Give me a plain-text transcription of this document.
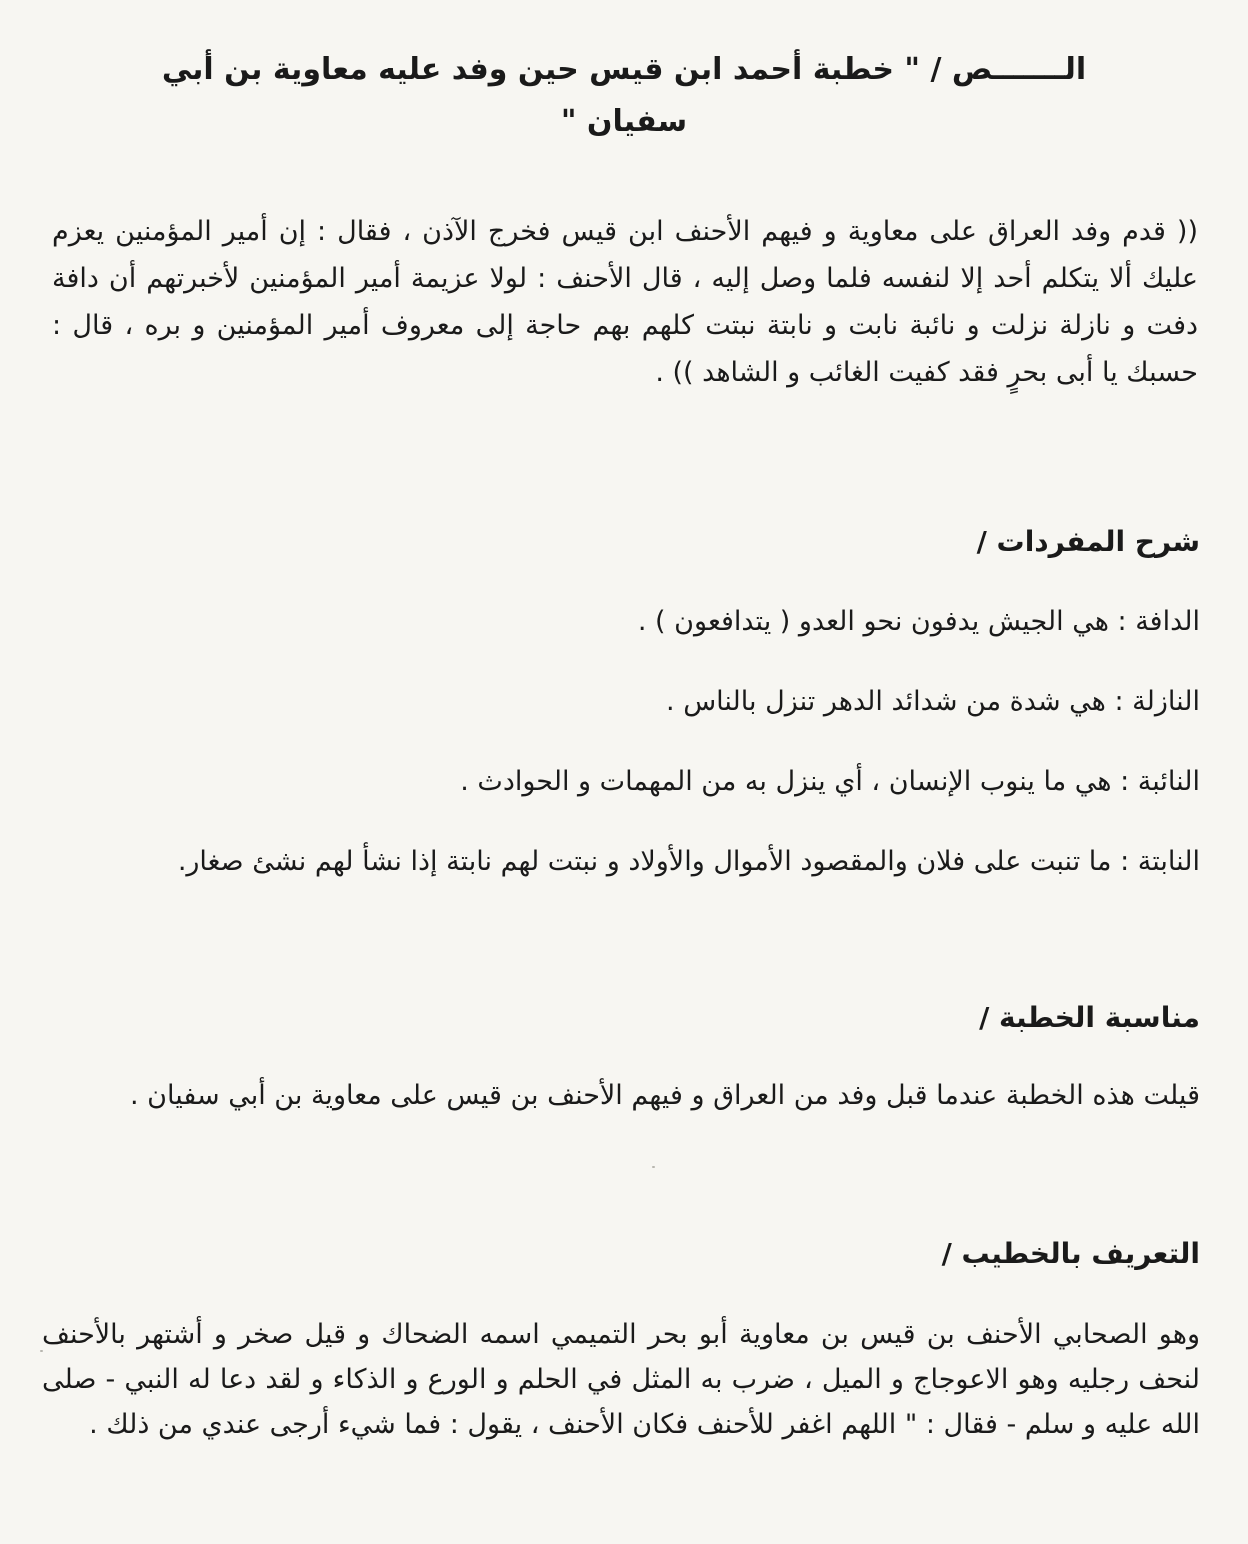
الـــــــص / " خطبة أحمد ابن قيس حين وفد عليه معاوية بن أبي سفيان "
(( قدم وفد العراق على معاوية و فيهم الأحنف ابن قيس فخرج الآذن ، فقال : إن أمير المؤمنين يعزم عليك ألا يتكلم أحد إلا لنفسه فلما وصل إليه ، قال الأحنف : لولا عزيمة أمير المؤمنين لأخبرتهم أن دافة دفت و نازلة نزلت و نائبة نابت و نابتة نبتت كلهم بهم حاجة إلى معروف أمير المؤمنين و بره ، قال : حسبك يا أبى بحرٍ فقد كفيت الغائب و الشاهد )) .
شرح المفردات /
الدافة : هي الجيش يدفون نحو العدو ( يتدافعون ) .
النازلة : هي شدة من شدائد الدهر تنزل بالناس .
النائبة : هي ما ينوب الإنسان ، أي ينزل به من المهمات و الحوادث .
النابتة : ما تنبت على فلان والمقصود الأموال والأولاد و نبتت لهم نابتة إذا نشأ لهم نشئ صغار.
مناسبة الخطبة /
قيلت هذه الخطبة عندما قبل وفد من العراق و فيهم الأحنف بن قيس على معاوية بن أبي سفيان .
التعريف بالخطيب /
وهو الصحابي الأحنف بن قيس بن معاوية أبو بحر التميمي اسمه الضحاك و قيل صخر و أشتهر بالأحنف لنحف رجليه وهو الاعوجاج و الميل ، ضرب به المثل في الحلم و الورع و الذكاء و لقد دعا له النبي - صلى الله عليه و سلم - فقال : " اللهم اغفر للأحنف فكان الأحنف ، يقول : فما شيء أرجى عندي من ذلك .
